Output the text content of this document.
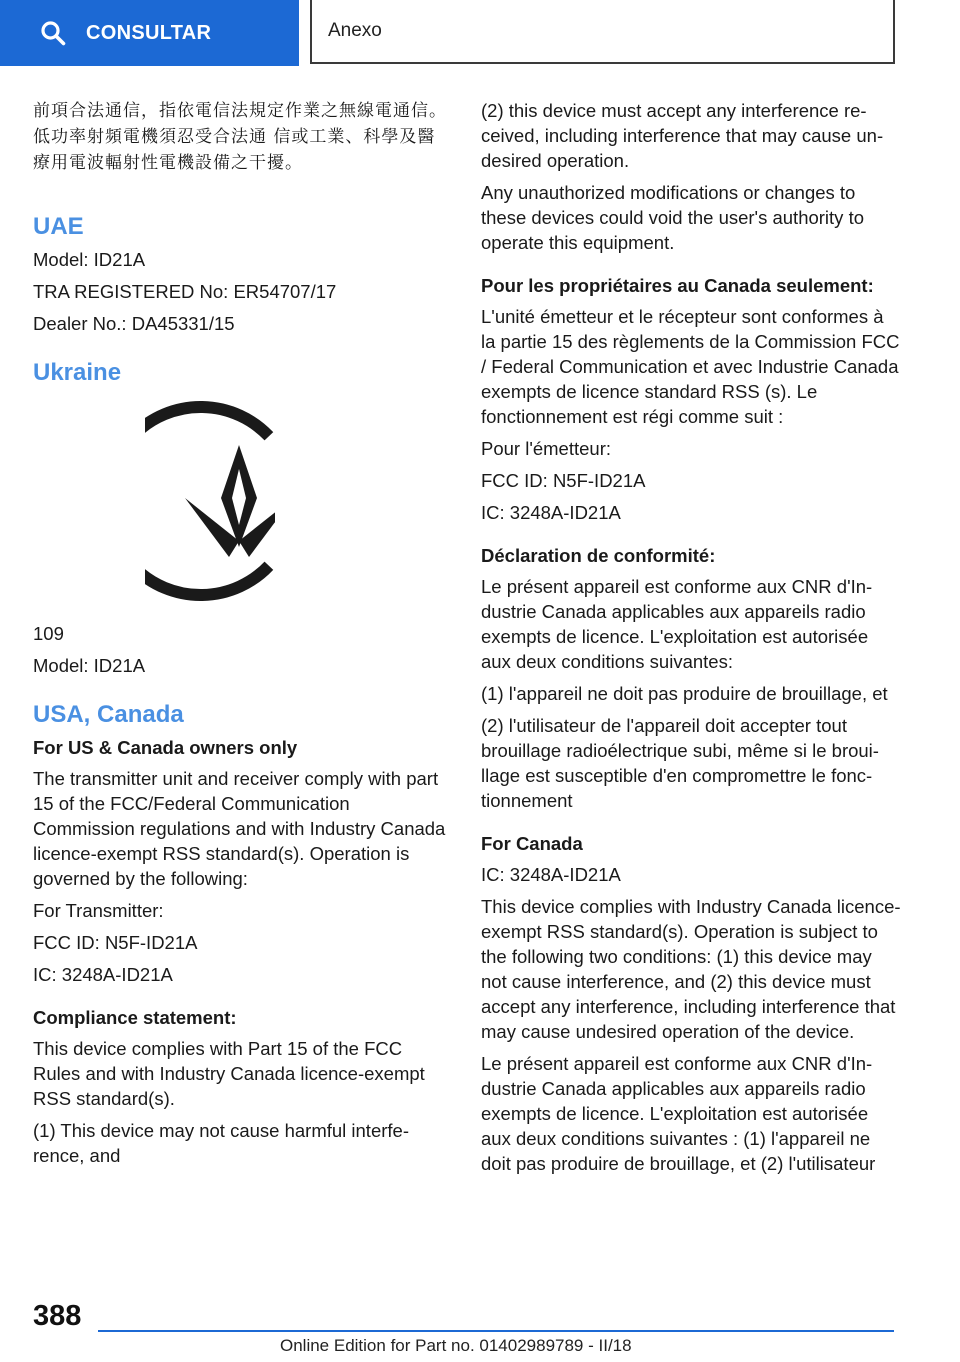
CONSULTAR	Anexo

前項合法通信，指依電信法規定作業之無線電通信。低功率射頻電機須忍受合法通 信或工業、科學及醫療用電波輻射性電機設備之干擾。

UAE

Model: ID21A

TRA REGISTERED No: ER54707/17

Dealer No.: DA45331/15

Ukraine

109

Model: ID21A

USA, Canada

For US & Canada owners only

The transmitter unit and receiver comply with part 15 of the FCC/Federal Communication Commission regulations and with Industry Canada licence-exempt RSS standard(s). Operation is governed by the following:

For Transmitter:

FCC ID: N5F-ID21A

IC: 3248A-ID21A

Compliance statement:

This device complies with Part 15 of the FCC Rules and with Industry Canada licence-exempt RSS standard(s).

(1) This device may not cause harmful interference, and

(2) this device must accept any interference received, including interference that may cause undesired operation.

Any unauthorized modifications or changes to these devices could void the user's authority to operate this equipment.

Pour les propriétaires au Canada seulement:

L'unité émetteur et le récepteur sont conformes à la partie 15 des règlements de la Commission FCC / Federal Communication et avec Industrie Canada exempts de licence standard RSS (s). Le fonctionnement est régi comme suit :

Pour l'émetteur:

FCC ID: N5F-ID21A

IC: 3248A-ID21A

Déclaration de conformité:

Le présent appareil est conforme aux CNR d'Industrie Canada applicables aux appareils radio exempts de licence. L'exploitation est autorisée aux deux conditions suivantes:

(1) l'appareil ne doit pas produire de brouillage, et

(2) l'utilisateur de l'appareil doit accepter tout brouillage radioélectrique subi, même si le brouillage est susceptible d'en compromettre le fonctionnement

For Canada

IC: 3248A-ID21A

This device complies with Industry Canada licence-exempt RSS standard(s). Operation is subject to the following two conditions: (1) this device may not cause interference, and (2) this device must accept any interference, including interference that may cause undesired operation of the device.

Le présent appareil est conforme aux CNR d'Industrie Canada applicables aux appareils radio exempts de licence. L'exploitation est autorisée aux deux conditions suivantes : (1) l'appareil ne doit pas produire de brouillage, et (2) l'utilisateur

388
Online Edition for Part no. 01402989789 - II/18
